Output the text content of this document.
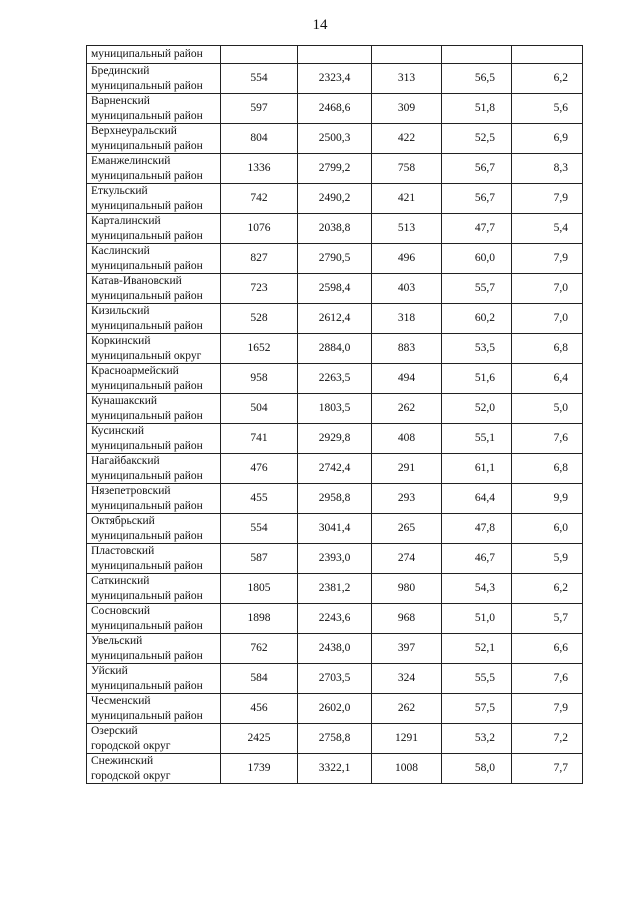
14
муниципальный район					

Брединский
муниципальный район	554	2323,4	313	56,5	6,2

Варненский
муниципальный район	597	2468,6	309	51,8	5,6

Верхнеуральский
муниципальный район	804	2500,3	422	52,5	6,9

Еманжелинский
муниципальный район	1336	2799,2	758	56,7	8,3

Еткульский
муниципальный район	742	2490,2	421	56,7	7,9

Карталинский
муниципальный район	1076	2038,8	513	47,7	5,4

Каслинский
муниципальный район	827	2790,5	496	60,0	7,9

Катав-Ивановский
муниципальный район	723	2598,4	403	55,7	7,0

Кизильский
муниципальный район	528	2612,4	318	60,2	7,0

Коркинский
муниципальный округ	1652	2884,0	883	53,5	6,8

Красноармейский
муниципальный район	958	2263,5	494	51,6	6,4

Кунашакский
муниципальный район	504	1803,5	262	52,0	5,0

Кусинский
муниципальный район	741	2929,8	408	55,1	7,6

Нагайбакский
муниципальный район	476	2742,4	291	61,1	6,8

Нязепетровский
муниципальный район	455	2958,8	293	64,4	9,9

Октябрьский
муниципальный район	554	3041,4	265	47,8	6,0

Пластовский
муниципальный район	587	2393,0	274	46,7	5,9

Саткинский
муниципальный район	1805	2381,2	980	54,3	6,2

Сосновский
муниципальный район	1898	2243,6	968	51,0	5,7

Увельский
муниципальный район	762	2438,0	397	52,1	6,6

Уйский
муниципальный район	584	2703,5	324	55,5	7,6

Чесменский
муниципальный район	456	2602,0	262	57,5	7,9

Озерский
городской округ	2425	2758,8	1291	53,2	7,2

Снежинский
городской округ	1739	3322,1	1008	58,0	7,7
